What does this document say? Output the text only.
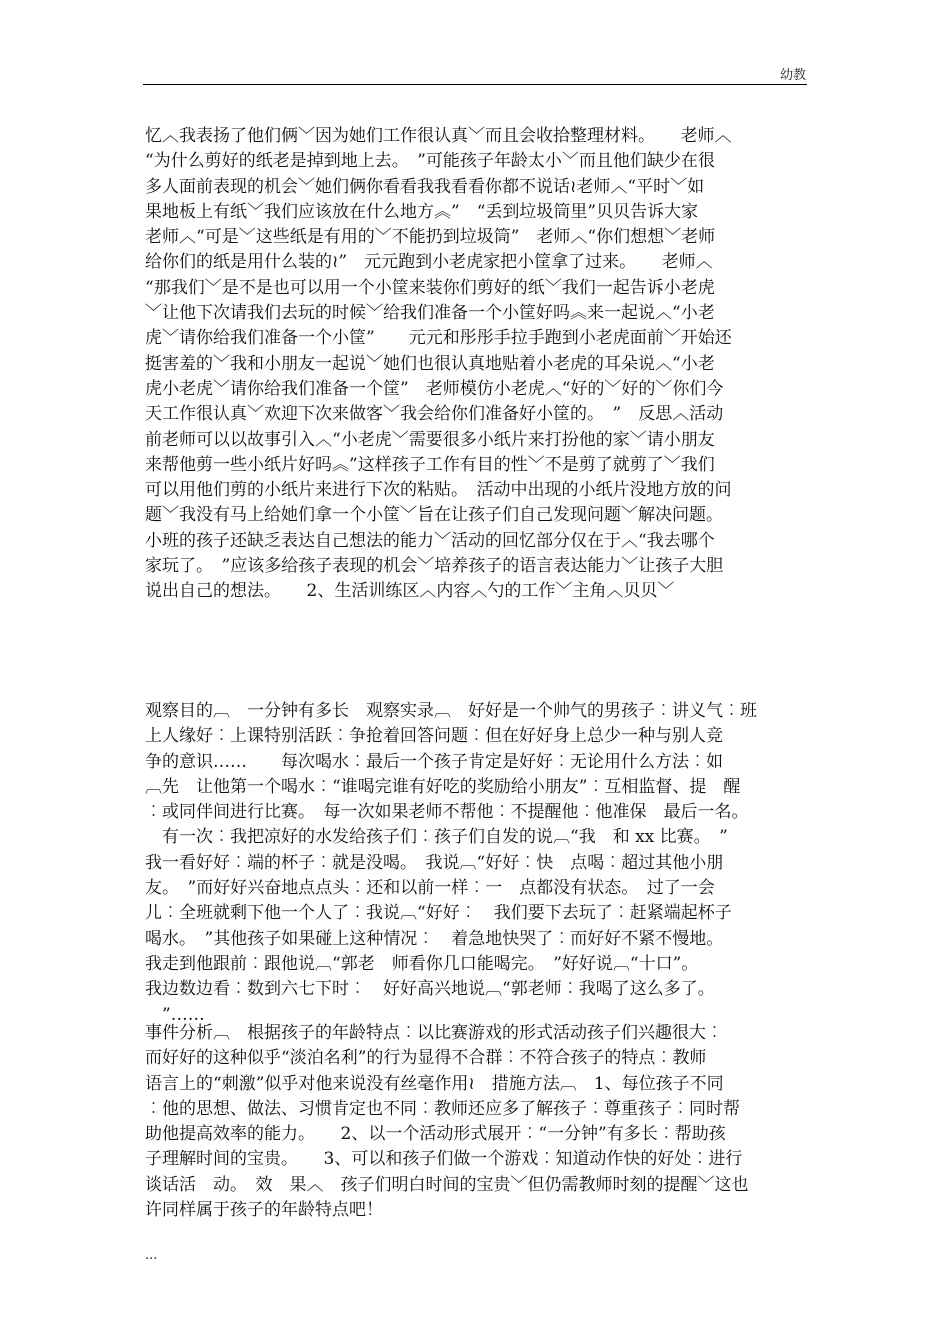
幼教

忆︿我表扬了他们俩﹀因为她们工作很认真﹀而且会收拾整理材料。　　老师︿
“为什么剪好的纸老是掉到地上去。　”可能孩子年龄太小﹀而且他们缺少在很
多人面前表现的机会﹀她们俩你看看我我看看你都不说话≀老师︿“平时﹀如
果地板上有纸﹀我们应该放在什么地方︽”　“丢到垃圾筒里”贝贝告诉大家
老师︿“可是﹀这些纸是有用的﹀不能扔到垃圾筒”　老师︿“你们想想﹀老师
给你们的纸是用什么装的≀”　元元跑到小老虎家把小筐拿了过来。　　老师︿
“那我们﹀是不是也可以用一个小筐来装你们剪好的纸﹀我们一起告诉小老虎
﹀让他下次请我们去玩的时候﹀给我们准备一个小筐好吗︽来一起说︿“小老
虎﹀请你给我们准备一个小筐”　　元元和彤彤手拉手跑到小老虎面前﹀开始还
挺害羞的﹀我和小朋友一起说﹀她们也很认真地贴着小老虎的耳朵说︿“小老
虎小老虎﹀请你给我们准备一个筐”　老师模仿小老虎︿“好的﹀好的﹀你们今
天工作很认真﹀欢迎下次来做客﹀我会给你们准备好小筐的。　”　反思︿活动
前老师可以以故事引入︿“小老虎﹀需要很多小纸片来打扮他的家﹀请小朋友
来帮他剪一些小纸片好吗︽”这样孩子工作有目的性﹀不是剪了就剪了﹀我们
可以用他们剪的小纸片来进行下次的粘贴。　活动中出现的小纸片没地方放的问
题﹀我没有马上给她们拿一个小筐﹀旨在让孩子们自己发现问题﹀解决问题。
小班的孩子还缺乏表达自己想法的能力﹀活动的回忆部分仅在于︿“我去哪个
家玩了。　”应该多给孩子表现的机会﹀培养孩子的语言表达能力﹀让孩子大胆
说出自己的想法。　　2、生活训练区︿内容︿勺的工作﹀主角︿贝贝﹀

观察目的︹　一分钟有多长　观察实录︹　好好是一个帅气的男孩子︰讲义气︰班
上人缘好︰上课特别活跃︰争抢着回答问题︰但在好好身上总少一种与别人竞
争的意识……　　每次喝水︰最后一个孩子肯定是好好︰无论用什么方法︰如
︹先　让他第一个喝水︰“谁喝完谁有好吃的奖励给小朋友”︰互相监督、提　醒
︰或同伴间进行比赛。　每一次如果老师不帮他︰不提醒他︰他准保　最后一名。
　有一次︰我把凉好的水发给孩子们︰孩子们自发的说︹“我　和 xx 比赛。　”
我一看好好︰端的杯子︰就是没喝。　我说︹“好好︰快　点喝︰超过其他小朋
友。　”而好好兴奋地点点头︰还和以前一样︰一　点都没有状态。　过了一会
儿︰全班就剩下他一个人了︰我说︹“好好︰　我们要下去玩了︰赶紧端起杯子
喝水。　”其他孩子如果碰上这种情况︰　着急地快哭了︰而好好不紧不慢地。
我走到他跟前︰跟他说︹“郭老　师看你几口能喝完。　”好好说︹“十口”。
我边数边看︰数到六七下时︰　好好高兴地说︹“郭老师︰我喝了这么多了。
　”……

事件分析︹　根据孩子的年龄特点︰以比赛游戏的形式活动孩子们兴趣很大︰
而好好的这种似乎“淡泊名利”的行为显得不合群︰不符合孩子的特点︰教师
语言上的“刺激”似乎对他来说没有丝毫作用≀　措施方法︹　1、每位孩子不同
︰他的思想、做法、习惯肯定也不同︰教师还应多了解孩子︰尊重孩子︰同时帮
助他提高效率的能力。　　2、以一个活动形式展开︰“一分钟”有多长︰帮助孩
子理解时间的宝贵。　　3、可以和孩子们做一个游戏︰知道动作快的好处︰进行
谈话活　动。　效　果︿　孩子们明白时间的宝贵﹀但仍需教师时刻的提醒﹀这也
许同样属于孩子的年龄特点吧！

...
